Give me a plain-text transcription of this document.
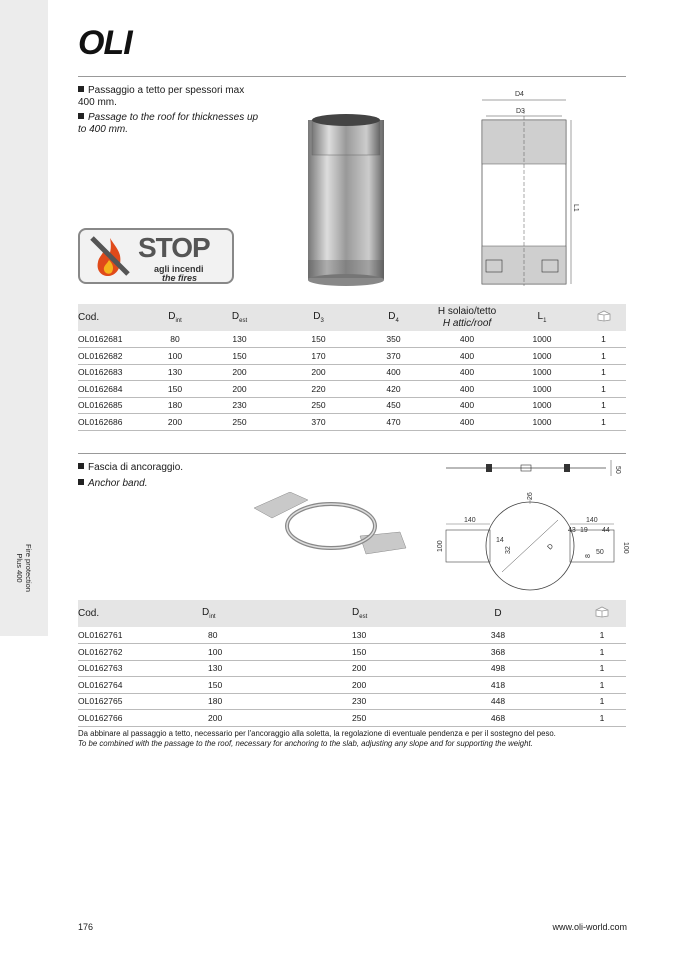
Fire protection
Plus 400
OLI
Passaggio a tetto per spessori max 400 mm.
Passage to the roof for thicknesses up to 400 mm.
STOP
agli incendi
the fires
D4
D3
L1
Cod.	$D_{int}$	$D_{est}$	$D_3$	$D_4$	H solaio/tetto
H attic/roof	$L_1$	
OL0162681	80	130	150	350	400	1000	1
OL0162682	100	150	170	370	400	1000	1
OL0162683	130	200	200	400	400	1000	1
OL0162684	150	200	220	420	400	1000	1
OL0162685	180	230	250	450	400	1000	1
OL0162686	200	250	370	470	400	1000	1
Fascia di ancoraggio.
Anchor band.
50
26
140	140
43 19 44
100	100
14
32	D
50
8
Cod.	$D_{int}$	$D_{est}$	D	
OL0162761	80	130	348	1
OL0162762	100	150	368	1
OL0162763	130	200	498	1
OL0162764	150	200	418	1
OL0162765	180	230	448	1
OL0162766	200	250	468	1
Da abbinare al passaggio a tetto, necessario per l'ancoraggio alla soletta, la regolazione di eventuale pendenza e per il sostegno del peso.
To be combined with the passage to the roof, necessary for anchoring to the slab, adjusting any slope and for supporting the weight.
176	www.oli-world.com
